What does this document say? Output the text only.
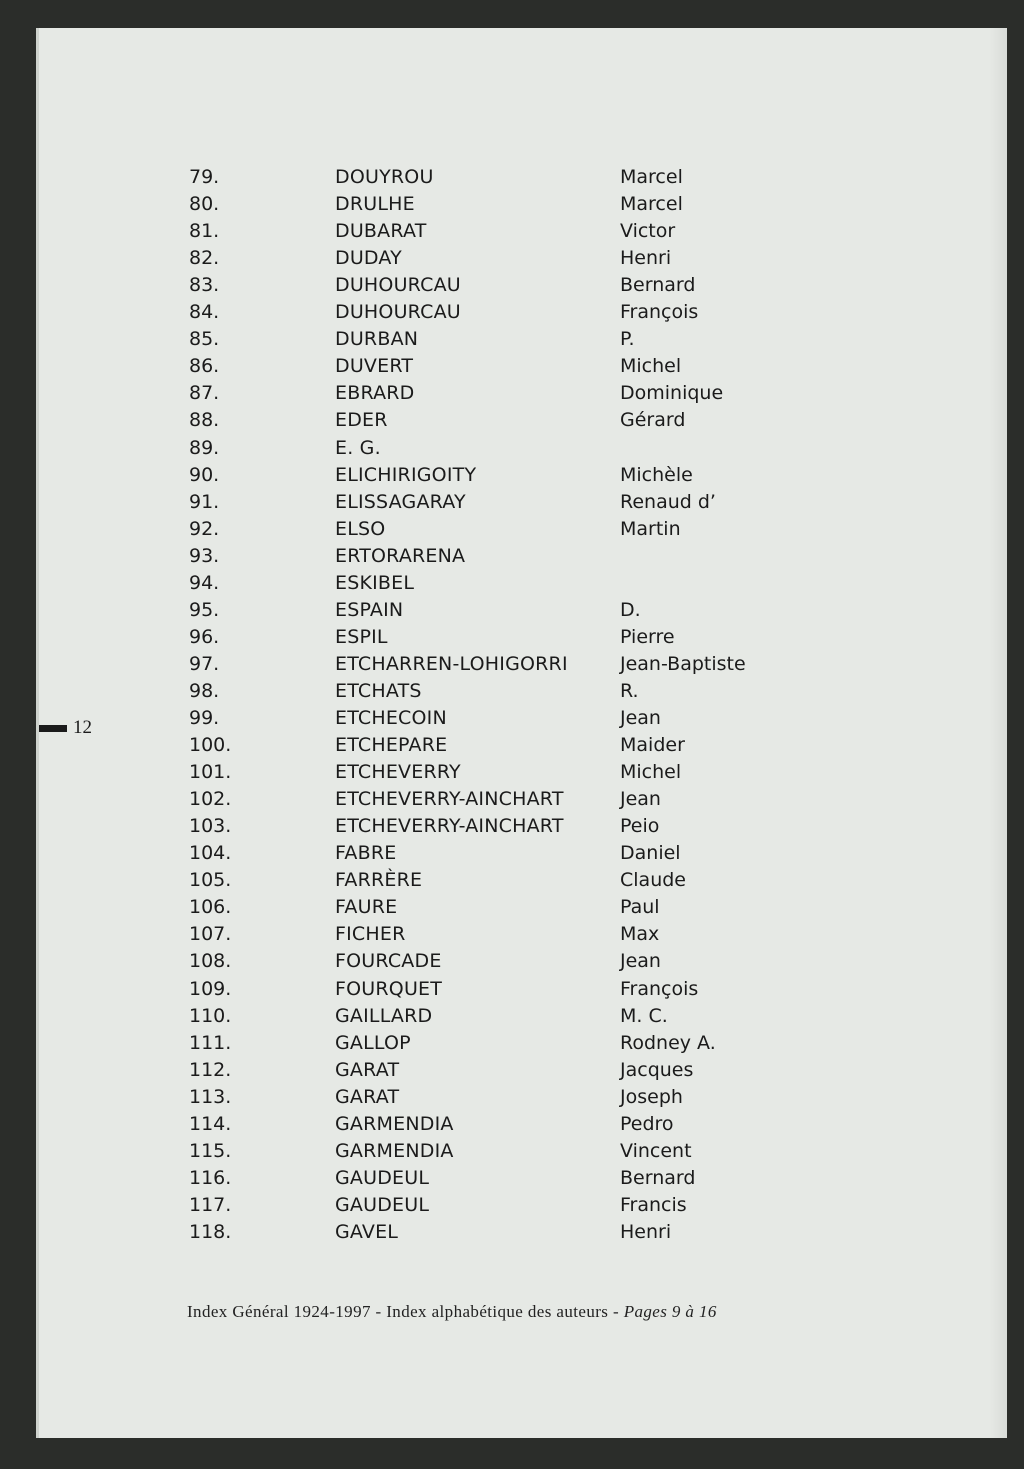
12
79.	DOUYROU	Marcel
80.	DRULHE	Marcel
81.	DUBARAT	Victor
82.	DUDAY	Henri
83.	DUHOURCAU	Bernard
84.	DUHOURCAU	François
85.	DURBAN	P.
86.	DUVERT	Michel
87.	EBRARD	Dominique
88.	EDER	Gérard
89.	E. G.
90.	ELICHIRIGOITY	Michèle
91.	ELISSAGARAY	Renaud d’
92.	ELSO	Martin
93.	ERTORARENA
94.	ESKIBEL
95.	ESPAIN	D.
96.	ESPIL	Pierre
97.	ETCHARREN-LOHIGORRI	Jean-Baptiste
98.	ETCHATS	R.
99.	ETCHECOIN	Jean
100.	ETCHEPARE	Maider
101.	ETCHEVERRY	Michel
102.	ETCHEVERRY-AINCHART	Jean
103.	ETCHEVERRY-AINCHART	Peio
104.	FABRE	Daniel
105.	FARRÈRE	Claude
106.	FAURE	Paul
107.	FICHER	Max
108.	FOURCADE	Jean
109.	FOURQUET	François
110.	GAILLARD	M. C.
111.	GALLOP	Rodney A.
112.	GARAT	Jacques
113.	GARAT	Joseph
114.	GARMENDIA	Pedro
115.	GARMENDIA	Vincent
116.	GAUDEUL	Bernard
117.	GAUDEUL	Francis
118.	GAVEL	Henri
Index Général 1924-1997 - Index alphabétique des auteurs - Pages 9 à 16
